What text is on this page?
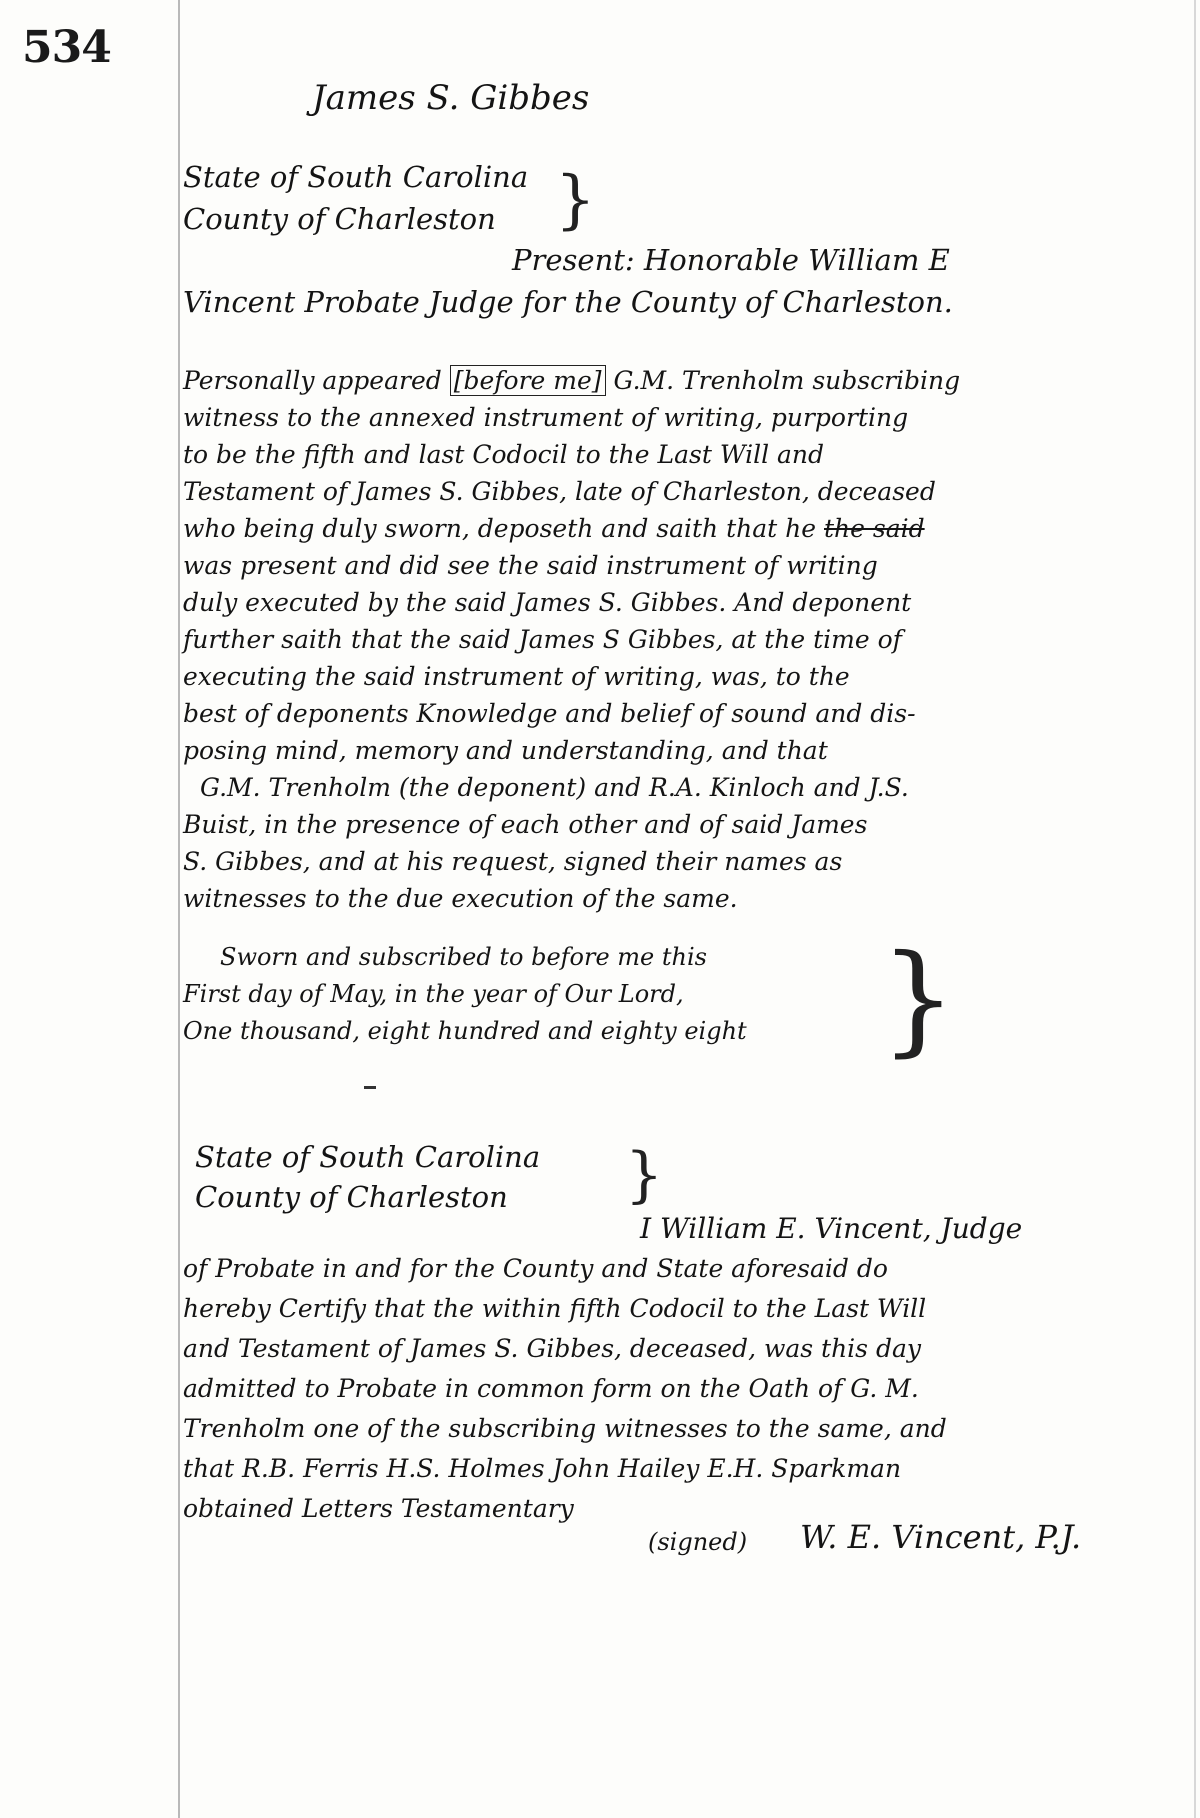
534
James S. Gibbes
State of South Carolina
County of Charleston }
Present: Honorable William E
Vincent Probate Judge for the County of Charleston.
Personally appeared [before me] G.M. Trenholm subscribing
witness to the annexed instrument of writing, purporting
to be the fifth and last Codocil to the Last Will and
Testament of James S. Gibbes, late of Charleston, deceased
who being duly sworn, deposeth and saith that he the said
was present and did see the said instrument of writing
duly executed by the said James S. Gibbes. And deponent
further saith that the said James S Gibbes, at the time of
executing the said instrument of writing, was, to the
best of deponents Knowledge and belief of sound and dis-
posing mind, memory and understanding, and that
G.M. Trenholm (the deponent) and R.A. Kinloch and J.S.
Buist, in the presence of each other and of said James
S. Gibbes, and at his request, signed their names as
witnesses to the due execution of the same.
Sworn and subscribed to before me this
First day of May, in the year of Our Lord,
One thousand, eight hundred and eighty eight }
State of South Carolina
County of Charleston }
I William E. Vincent, Judge
of Probate in and for the County and State aforesaid do
hereby Certify that the within fifth Codocil to the Last Will
and Testament of James S. Gibbes, deceased, was this day
admitted to Probate in common form on the Oath of G. M.
Trenholm one of the subscribing witnesses to the same, and
that R.B. Ferris H.S. Holmes John Hailey E.H. Sparkman
obtained Letters Testamentary
(signed) W. E. Vincent, P.J.
